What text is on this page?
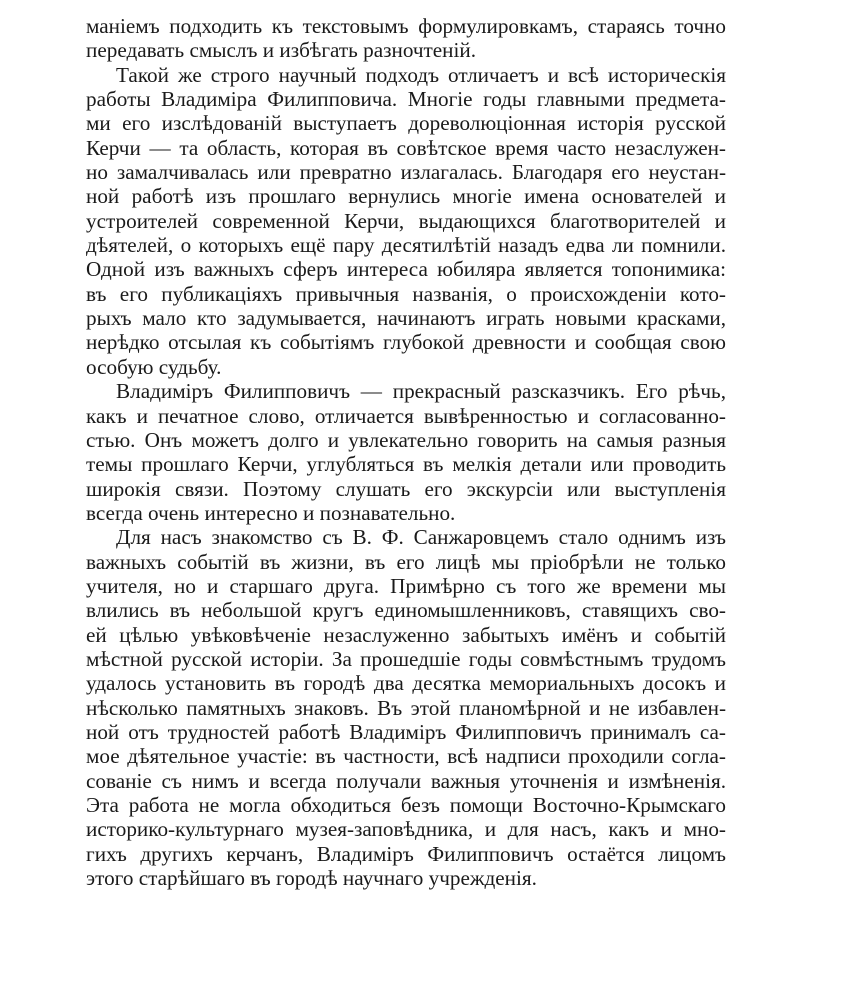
маніемъ подходить къ текстовымъ формулировкамъ, стараясь точно
передавать смыслъ и избѣгать разночтеній.
Такой же строго научный подходъ отличаетъ и всѣ историческія
работы Владиміра Филипповича. Многіе годы главными предмета-
ми его изслѣдованій выступаетъ дореволюціонная исторія русской
Керчи — та область, которая въ совѣтское время часто незаслужен-
но замалчивалась или превратно излагалась. Благодаря его неустан-
ной работѣ изъ прошлаго вернулись многіе имена основателей и
устроителей современной Керчи, выдающихся благотворителей и
дѣятелей, о которыхъ ещё пару десятилѣтій назадъ едва ли помнили.
Одной изъ важныхъ сферъ интереса юбиляра является топонимика:
въ его публикаціяхъ привычныя названія, о происхожденіи кото-
рыхъ мало кто задумывается, начинаютъ играть новыми красками,
нерѣдко отсылая къ событіямъ глубокой древности и сообщая свою
особую судьбу.
Владиміръ Филипповичъ — прекрасный разсказчикъ. Его рѣчь,
какъ и печатное слово, отличается вывѣренностью и согласованно-
стью. Онъ можетъ долго и увлекательно говорить на самыя разныя
темы прошлаго Керчи, углубляться въ мелкія детали или проводить
широкія связи. Поэтому слушать его экскурсіи или выступленія
всегда очень интересно и познавательно.
Для насъ знакомство съ В. Ф. Санжаровцемъ стало однимъ изъ
важныхъ событій въ жизни, въ его лицѣ мы пріобрѣли не только
учителя, но и старшаго друга. Примѣрно съ того же времени мы
влились въ небольшой кругъ единомышленниковъ, ставящихъ сво-
ей цѣлью увѣковѣченіе незаслуженно забытыхъ имёнъ и событій
мѣстной русской исторіи. За прошедшіе годы совмѣстнымъ трудомъ
удалось установить въ городѣ два десятка мемориальныхъ досокъ и
нѣсколько памятныхъ знаковъ. Въ этой планомѣрной и не избавлен-
ной отъ трудностей работѣ Владиміръ Филипповичъ принималъ са-
мое дѣятельное участіе: въ частности, всѣ надписи проходили согла-
сованіе съ нимъ и всегда получали важныя уточненія и измѣненія.
Эта работа не могла обходиться безъ помощи Восточно-Крымскаго
историко-культурнаго музея-заповѣдника, и для насъ, какъ и мно-
гихъ другихъ керчанъ, Владиміръ Филипповичъ остаётся лицомъ
этого старѣйшаго въ городѣ научнаго учрежденія.
